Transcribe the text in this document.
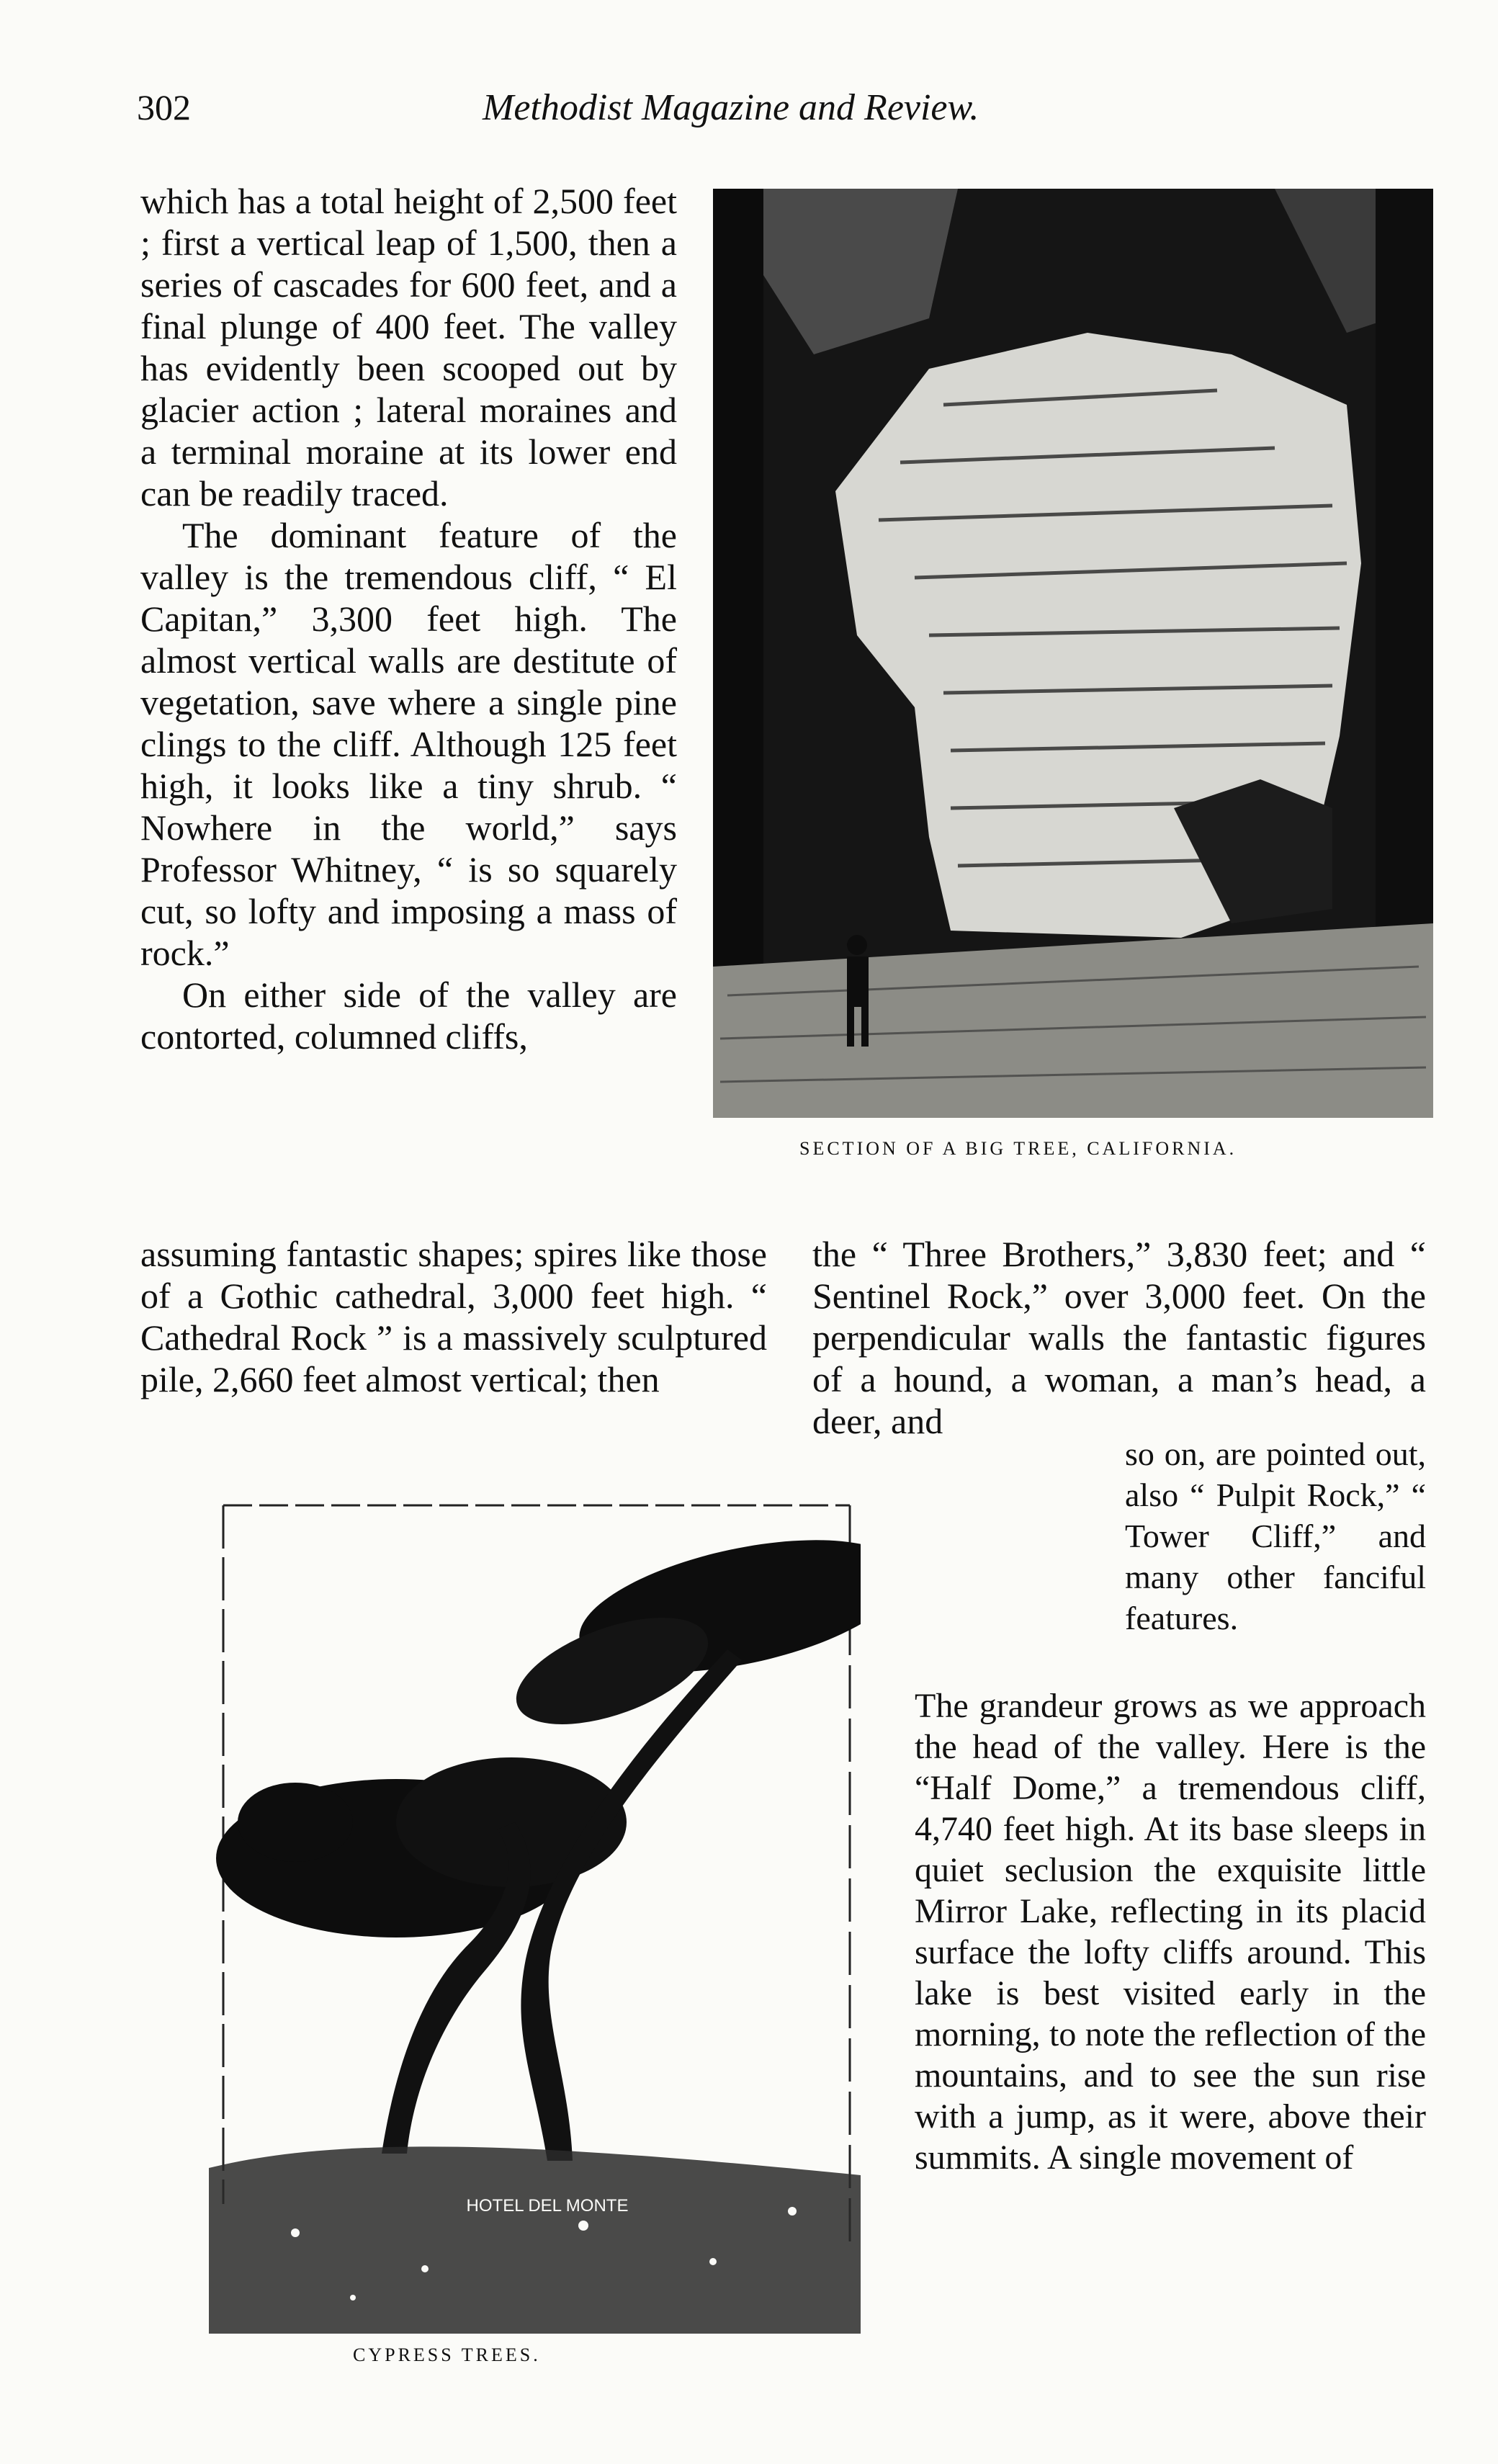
302	Methodist Magazine and Review.

which has a total height of 2,500 feet ; first a vertical leap of 1,500, then a series of cascades for 600 feet, and a final plunge of 400 feet. The valley has evidently been scooped out by glacier action ; lateral moraines and a terminal moraine at its lower end can be readily traced.

The dominant feature of the valley is the tremendous cliff, “ El Capitan,” 3,300 feet high. The almost vertical walls are destitute of vegetation, save where a single pine clings to the cliff. Although 125 feet high, it looks like a tiny shrub. “ Nowhere in the world,” says Professor Whitney, “ is so squarely cut, so lofty and imposing a mass of rock.”

On either side of the valley are contorted, columned cliffs,

SECTION OF A BIG TREE, CALIFORNIA.
assuming fantastic shapes; spires like those of a Gothic cathedral, 3,000 feet high. “ Cathedral Rock ” is a massively sculptured pile, 2,660 feet almost vertical; then
the “ Three Brothers,” 3,830 feet; and “ Sentinel Rock,” over 3,000 feet. On the perpendicular walls the fantastic figures of a hound, a woman, a man’s head, a deer, and
HOTEL DEL MONTE
so on, are pointed out, also “ Pulpit Rock,” “ Tower Cliff,” and many other fanciful features.
The grandeur grows as we approach the head of the valley. Here is the “Half Dome,” a tremendous cliff, 4,740 feet high. At its base sleeps in quiet seclusion the exquisite little Mirror Lake, reflecting in its placid surface the lofty cliffs around. This lake is best visited early in the morning, to note the reflection of the mountains, and to see the sun rise with a jump, as it were, above their summits. A single movement of
CYPRESS TREES.
